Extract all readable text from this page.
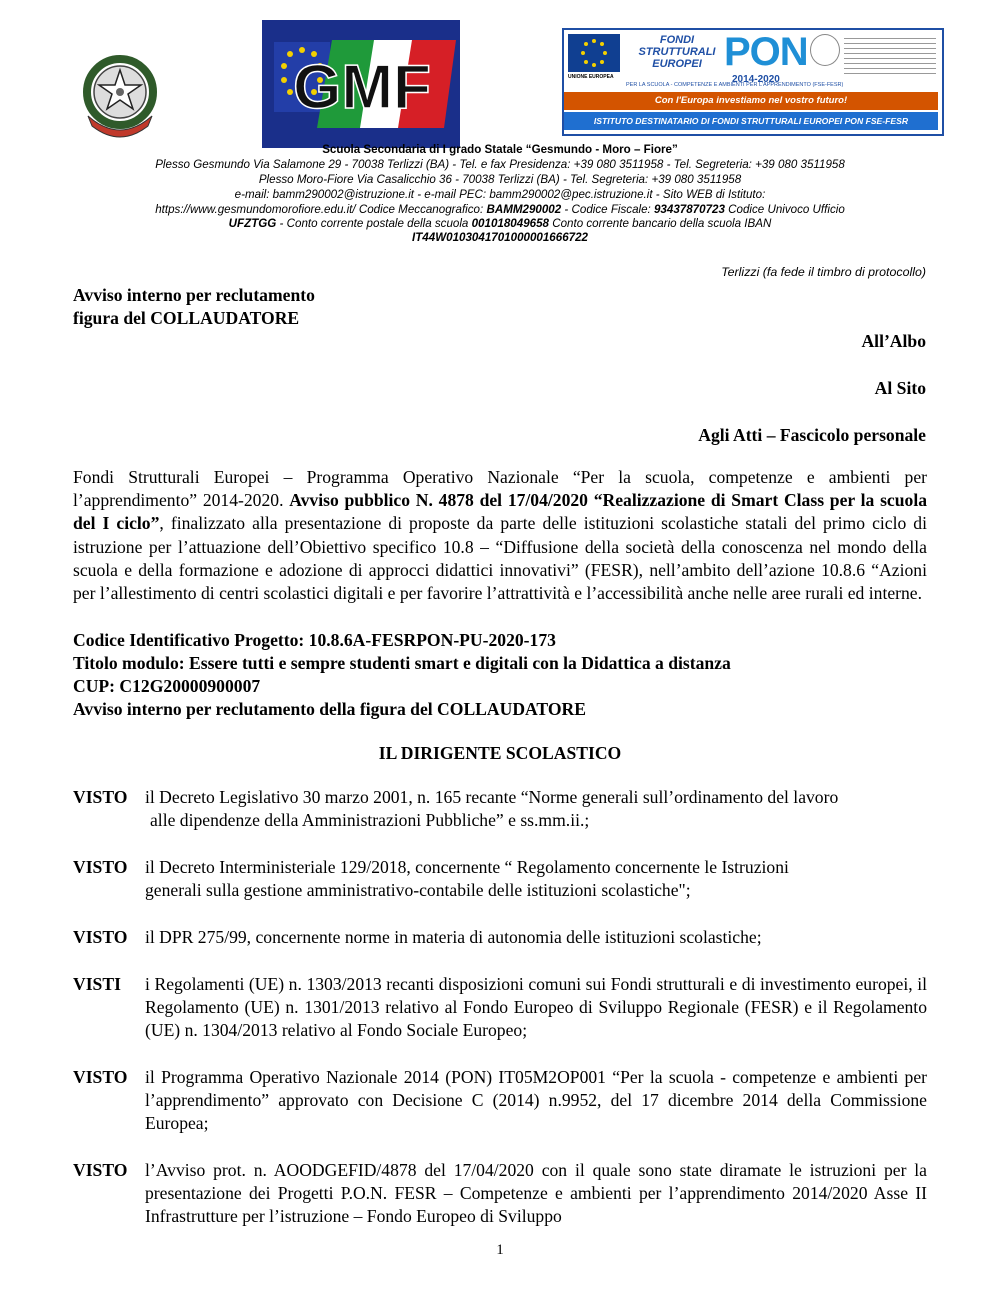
GMF	UNIONE EUROPEA
FONDI STRUTTURALI EUROPEI PON
2014-2020
PER LA SCUOLA - COMPETENZE E AMBIENTI PER L'APPRENDIMENTO (FSE-FESR)
Con l'Europa investiamo nel vostro futuro!
ISTITUTO DESTINATARIO DI FONDI STRUTTURALI EUROPEI PON FSE-FESR
Scuola Secondaria di I grado Statale “Gesmundo - Moro – Fiore”
Plesso Gesmundo Via Salamone 29 - 70038 Terlizzi (BA) - Tel. e fax Presidenza: +39 080 3511958 - Tel. Segreteria: +39 080 3511958
Plesso Moro-Fiore Via Casalicchio 36 - 70038 Terlizzi (BA) - Tel. Segreteria: +39 080 3511958
e-mail: bamm290002@istruzione.it - e-mail PEC: bamm290002@pec.istruzione.it - Sito WEB di Istituto:
https://www.gesmundomorofiore.edu.it/ Codice Meccanografico: BAMM290002 - Codice Fiscale: 93437870723 Codice Univoco Ufficio
UFZTGG - Conto corrente postale della scuola 001018049658 Conto corrente bancario della scuola IBAN
IT44W0103041701000001666722
Terlizzi (fa fede il timbro di protocollo)
Avviso interno per reclutamento
figura del COLLAUDATORE
All’Albo
Al Sito
Agli Atti – Fascicolo personale
Fondi Strutturali Europei – Programma Operativo Nazionale “Per la scuola, competenze e ambienti per l’apprendimento” 2014-2020. Avviso pubblico N. 4878 del 17/04/2020 “Realizzazione di Smart Class per la scuola del I ciclo”, finalizzato alla presentazione di proposte da parte delle istituzioni scolastiche statali del primo ciclo di istruzione per l’attuazione dell’Obiettivo specifico 10.8 – “Diffusione della società della conoscenza nel mondo della scuola e della formazione e adozione di approcci didattici innovativi” (FESR), nell’ambito dell’azione 10.8.6 “Azioni per l’allestimento di centri scolastici digitali e per favorire l’attrattività e l’accessibilità anche nelle aree rurali ed interne.
Codice Identificativo Progetto: 10.8.6A-FESRPON-PU-2020-173
Titolo modulo: Essere tutti e sempre studenti smart e digitali con la Didattica a distanza
CUP: C12G20000900007
Avviso interno per reclutamento della figura del COLLAUDATORE
IL DIRIGENTE SCOLASTICO
VISTO il Decreto Legislativo 30 marzo 2001, n. 165 recante “Norme generali sull’ordinamento del lavoro
alle dipendenze della Amministrazioni Pubbliche” e ss.mm.ii.;
VISTO il Decreto Interministeriale 129/2018, concernente “ Regolamento concernente le Istruzioni
generali sulla gestione amministrativo-contabile delle istituzioni scolastiche";
VISTO il DPR 275/99, concernente norme in materia di autonomia delle istituzioni scolastiche;
VISTI i Regolamenti (UE) n. 1303/2013 recanti disposizioni comuni sui Fondi strutturali e di investimento europei, il Regolamento (UE) n. 1301/2013 relativo al Fondo Europeo di Sviluppo Regionale (FESR) e il Regolamento (UE) n. 1304/2013 relativo al Fondo Sociale Europeo;
VISTO il Programma Operativo Nazionale 2014 (PON) IT05M2OP001 “Per la scuola - competenze e ambienti per l’apprendimento” approvato con Decisione C (2014) n.9952, del 17 dicembre 2014 della Commissione Europea;
VISTO l’Avviso prot. n. AOODGEFID/4878 del 17/04/2020 con il quale sono state diramate le istruzioni per la presentazione dei Progetti P.O.N. FESR – Competenze e ambienti per l’apprendimento 2014/2020 Asse II Infrastrutture per l’istruzione – Fondo Europeo di Sviluppo
1
